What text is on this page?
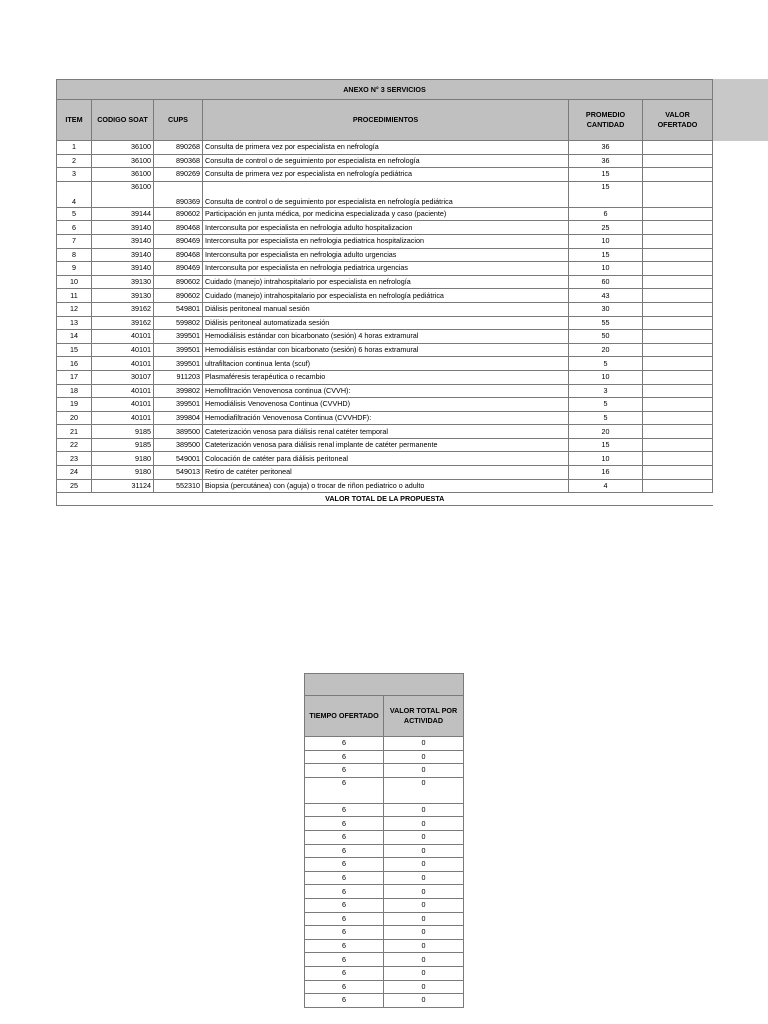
ANEXO N° 3 SERVICIOS					
ITEM	CODIGO SOAT	CUPS	PROCEDIMIENTOS	PROMEDIO CANTIDAD	VALOR OFERTADO
1	36100	890268	Consulta de primera vez por especialista en nefrología	36	
2	36100	890368	Consulta de control o de seguimiento por especialista en nefrología	36	
3	36100	890269	Consulta de primera vez por especialista en nefrología pediátrica	15	
4	36100	890369	Consulta de control o de seguimiento por especialista en nefrología pediátrica	15	
5	39144	890602	Participación en junta médica, por medicina especializada y caso (paciente)	6	
6	39140	890468	Interconsulta por especialista en nefrologia adulto hospitalizacion	25	
7	39140	890469	Interconsulta por especialista en nefrologia pediatrica hospitalizacion	10	
8	39140	890468	Interconsulta por especialista en nefrologia adulto urgencias	15	
9	39140	890469	Interconsulta por especialista en nefrologia pediatrica urgencias	10	
10	39130	890602	Cuidado (manejo) intrahospitalario por especialista en nefrología	60	
11	39130	890602	Cuidado (manejo) intrahospitalario por especialista en nefrología pediátrica	43	
12	39162	549801	Diálisis peritoneal manual sesión	30	
13	39162	599802	Diálisis peritoneal automatizada sesión	55	
14	40101	399501	Hemodiálisis estándar con bicarbonato (sesión) 4 horas extramural	50	
15	40101	399501	Hemodiálisis estándar con bicarbonato (sesión) 6 horas extramural	20	
16	40101	399501	ultrafiltacion continua lenta (scuf)	5	
17	30107	911203	Plasmaféresis terapéutica o recambio	10	
18	40101	399802	Hemofiltración Venovenosa continua (CVVH):	3	
19	40101	399501	Hemodiálisis Venovenosa Continua (CVVHD)	5	
20	40101	399804	Hemodiafiltración Venovenosa Continua (CVVHDF):	5	
21	9185	389500	Cateterización venosa para diálisis renal catéter temporal	20	
22	9185	389500	Cateterización venosa para diálisis renal implante de catéter permanente	15	
23	9180	549001	Colocación de catéter para diálisis peritoneal	10	
24	9180	549013	Retiro de catéter peritoneal	16	
25	31124	552310	Biopsia (percutánea) con (aguja) o trocar de riñon pediatrico o adulto	4	
VALOR TOTAL DE LA PROPUESTA					

TIEMPO OFERTADO	VALOR TOTAL POR ACTIVIDAD
6	0
6	0
6	0
6	0
6	0
6	0
6	0
6	0
6	0
6	0
6	0
6	0
6	0
6	0
6	0
6	0
6	0
6	0
6	0
